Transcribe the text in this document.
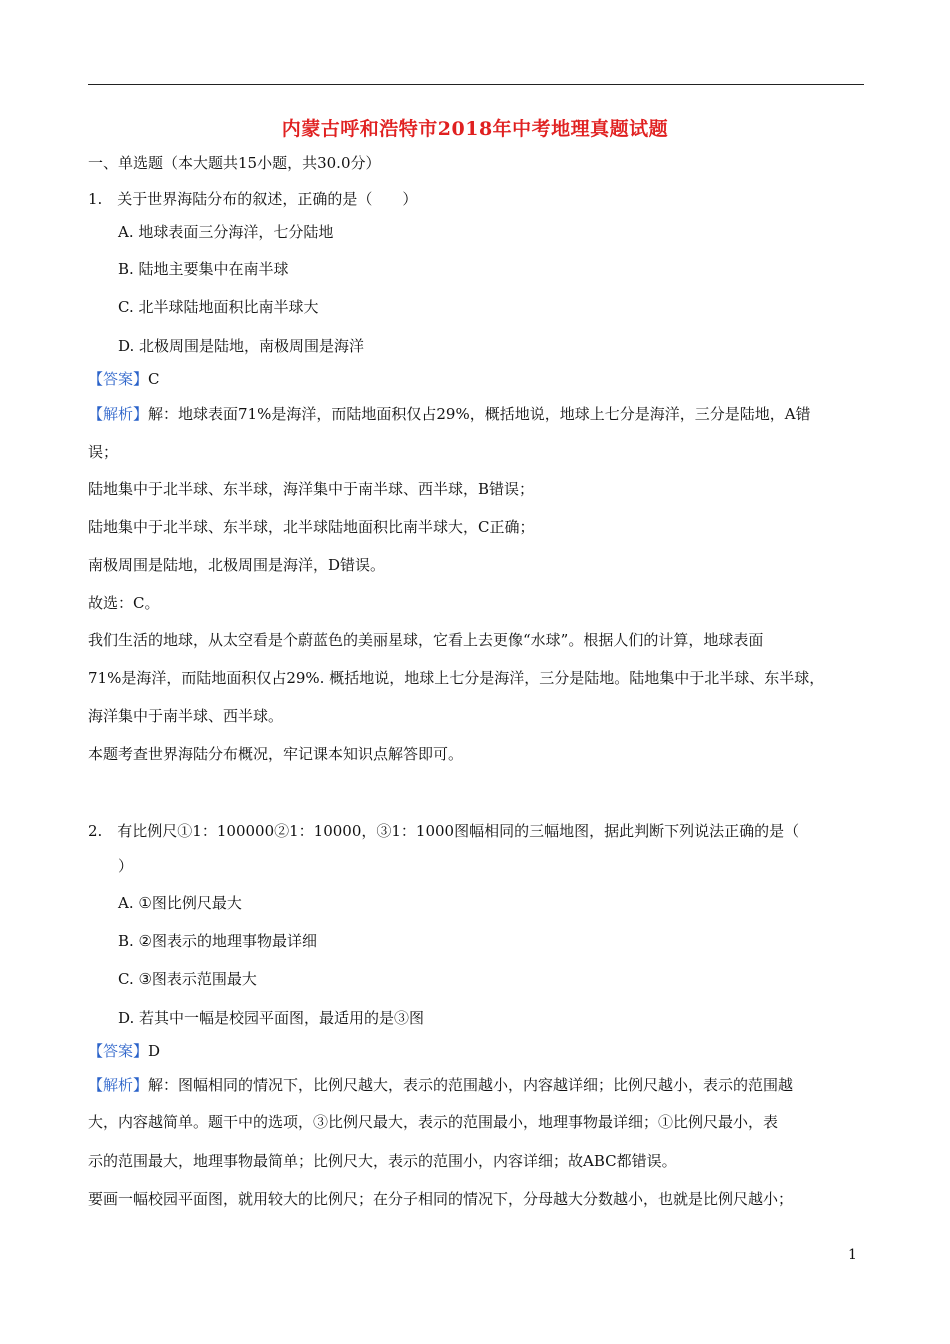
内蒙古呼和浩特市2018年中考地理真题试题
一、单选题（本大题共15小题，共30.0分）
1.　关于世界海陆分布的叙述，正确的是（　　）
A. 地球表面三分海洋，七分陆地
B. 陆地主要集中在南半球
C. 北半球陆地面积比南半球大
D. 北极周围是陆地，南极周围是海洋
【答案】C
【解析】解：地球表面71%是海洋，而陆地面积仅占29%，概括地说，地球上七分是海洋，三分是陆地，A错
误；
陆地集中于北半球、东半球，海洋集中于南半球、西半球，B错误；
陆地集中于北半球、东半球，北半球陆地面积比南半球大，C正确；
南极周围是陆地，北极周围是海洋，D错误。
故选：C。
我们生活的地球，从太空看是个蔚蓝色的美丽星球，它看上去更像“水球”。根据人们的计算，地球表面
71%是海洋，而陆地面积仅占29%. 概括地说，地球上七分是海洋，三分是陆地。陆地集中于北半球、东半球，
海洋集中于南半球、西半球。
本题考查世界海陆分布概况，牢记课本知识点解答即可。
2.　有比例尺①1：100000②1：10000，③1：1000图幅相同的三幅地图，据此判断下列说法正确的是（
）
A. ①图比例尺最大
B. ②图表示的地理事物最详细
C. ③图表示范围最大
D. 若其中一幅是校园平面图，最适用的是③图
【答案】D
【解析】解：图幅相同的情况下，比例尺越大，表示的范围越小，内容越详细；比例尺越小，表示的范围越
大，内容越简单。题干中的选项，③比例尺最大，表示的范围最小，地理事物最详细；①比例尺最小，表
示的范围最大，地理事物最简单；比例尺大，表示的范围小，内容详细；故ABC都错误。
要画一幅校园平面图，就用较大的比例尺；在分子相同的情况下，分母越大分数越小，也就是比例尺越小；
1
